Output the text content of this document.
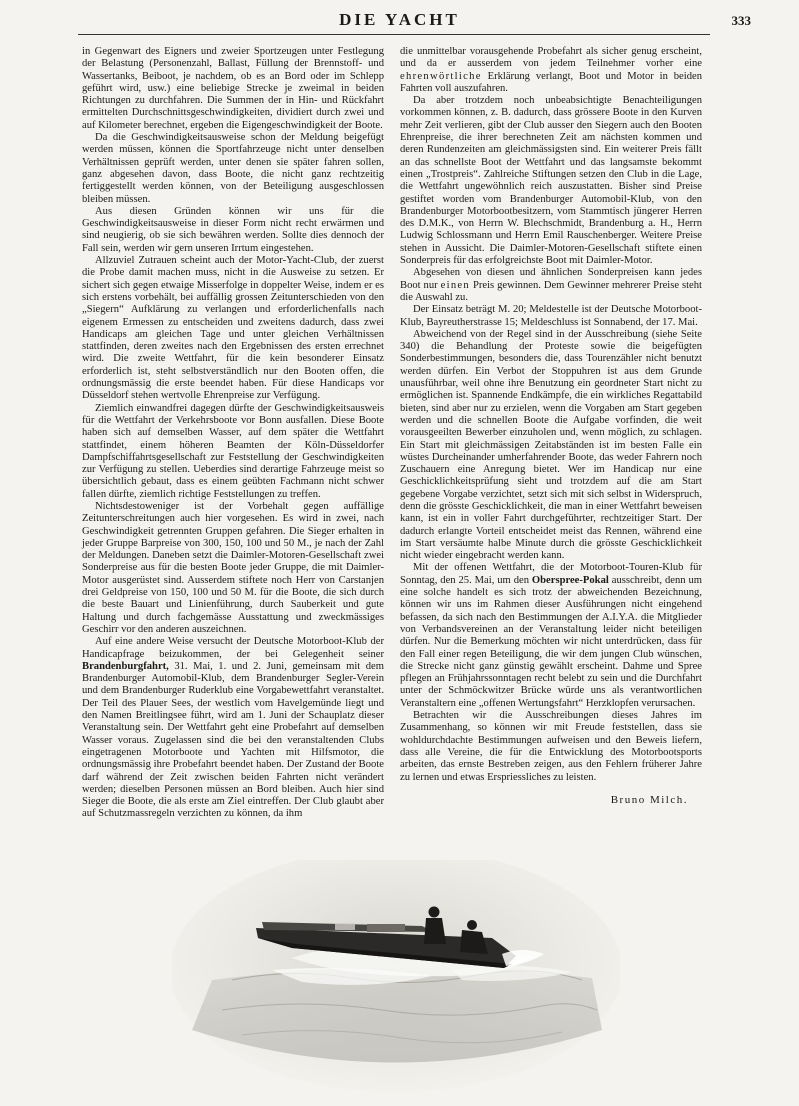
DIE YACHT	333

in Gegenwart des Eigners und zweier Sportzeugen unter Festlegung der Belastung (Personenzahl, Ballast, Füllung der Brennstoff- und Wassertanks, Beiboot, je nachdem, ob es an Bord oder im Schlepp geführt wird, usw.) eine beliebige Strecke je zweimal in beiden Richtungen zu durchfahren. Die Summen der in Hin- und Rückfahrt ermittelten Durchschnittsgeschwindigkeiten, dividiert durch zwei und auf Kilometer berechnet, ergeben die Eigengeschwindigkeit der Boote.

Da die Geschwindigkeitsausweise schon der Meldung beigefügt werden müssen, können die Sportfahrzeuge nicht unter denselben Verhältnissen geprüft werden, unter denen sie später fahren sollen, ganz abgesehen davon, dass Boote, die nicht ganz rechtzeitig fertiggestellt werden können, von der Beteiligung ausgeschlossen bleiben müssen.

Aus diesen Gründen können wir uns für die Geschwindigkeitsausweise in dieser Form nicht recht erwärmen und sind neugierig, ob sie sich bewähren werden. Sollte dies dennoch der Fall sein, werden wir gern unseren Irrtum eingestehen.

Allzuviel Zutrauen scheint auch der Motor-Yacht-Club, der zuerst die Probe damit machen muss, nicht in die Ausweise zu setzen. Er sichert sich gegen etwaige Misserfolge in doppelter Weise, indem er es sich erstens vorbehält, bei auffällig grossen Zeitunterschieden von den „Siegern“ Aufklärung zu verlangen und erforderlichenfalls nach eigenem Ermessen zu entscheiden und zweitens dadurch, dass zwei Handicaps am gleichen Tage und unter gleichen Verhältnissen stattfinden, deren zweites nach den Ergebnissen des ersten errechnet wird. Die zweite Wettfahrt, für die kein besonderer Einsatz erforderlich ist, steht selbstverständlich nur den Booten offen, die ordnungsmässig die erste beendet haben. Für diese Handicaps vor Düsseldorf stehen wertvolle Ehrenpreise zur Verfügung.

Ziemlich einwandfrei dagegen dürfte der Geschwindigkeitsausweis für die Wettfahrt der Verkehrsboote vor Bonn ausfallen. Diese Boote haben sich auf demselben Wasser, auf dem später die Wettfahrt stattfindet, einem höheren Beamten der Köln-Düsseldorfer Dampfschiffahrtsgesellschaft zur Feststellung der Geschwindigkeiten zur Verfügung zu stellen. Ueberdies sind derartige Fahrzeuge meist so übersichtlich gebaut, dass es einem geübten Fachmann nicht schwer fallen dürfte, ziemlich richtige Feststellungen zu treffen.

Nichtsdestoweniger ist der Vorbehalt gegen auffällige Zeitunterschreitungen auch hier vorgesehen. Es wird in zwei, nach Geschwindigkeit getrennten Gruppen gefahren. Die Sieger erhalten in jeder Gruppe Barpreise von 300, 150, 100 und 50 M., je nach der Zahl der Meldungen. Daneben setzt die Daimler-Motoren-Gesellschaft zwei Sonderpreise aus für die besten Boote jeder Gruppe, die mit Daimler-Motor ausgerüstet sind. Ausserdem stiftete noch Herr von Carstanjen drei Geldpreise von 150, 100 und 50 M. für die Boote, die sich durch die beste Bauart und Linienführung, durch Sauberkeit und gute Haltung und durch fachgemässe Ausstattung und zweckmässiges Geschirr vor den anderen auszeichnen.

Auf eine andere Weise versucht der Deutsche Motorboot-Klub der Handicapfrage beizukommen, der bei Gelegenheit seiner Brandenburgfahrt, 31. Mai, 1. und 2. Juni, gemeinsam mit dem Brandenburger Automobil-Klub, dem Brandenburger Segler-Verein und dem Brandenburger Ruderklub eine Vorgabewettfahrt veranstaltet. Der Teil des Plauer Sees, der westlich vom Havelgemünde liegt und den Namen Breitlingsee führt, wird am 1. Juni der Schauplatz dieser Veranstaltung sein. Der Wettfahrt geht eine Probefahrt auf demselben Wasser voraus. Zugelassen sind die bei den veranstaltenden Clubs eingetragenen Motorboote und Yachten mit Hilfsmotor, die ordnungsmässig ihre Probefahrt beendet haben. Der Zustand der Boote darf während der Zeit zwischen beiden Fahrten nicht verändert werden; dieselben Personen müssen an Bord bleiben. Auch hier sind Sieger die Boote, die als erste am Ziel eintreffen. Der Club glaubt aber auf Schutzmassregeln verzichten zu können, da ihm

die unmittelbar vorausgehende Probefahrt als sicher genug erscheint, und da er ausserdem von jedem Teilnehmer vorher eine ehrenwörtliche Erklärung verlangt, Boot und Motor in beiden Fahrten voll auszufahren.

Da aber trotzdem noch unbeabsichtigte Benachteiligungen vorkommen können, z. B. dadurch, dass grössere Boote in den Kurven mehr Zeit verlieren, gibt der Club ausser den Siegern auch den Booten Ehrenpreise, die ihrer berechneten Zeit am nächsten kommen und deren Rundenzeiten am gleichmässigsten sind. Ein weiterer Preis fällt an das schnellste Boot der Wettfahrt und das langsamste bekommt einen „Trostpreis“. Zahlreiche Stiftungen setzen den Club in die Lage, die Wettfahrt ungewöhnlich reich auszustatten. Bisher sind Preise gestiftet worden vom Brandenburger Automobil-Klub, von den Brandenburger Motorbootbesitzern, vom Stammtisch jüngerer Herren des D.M.K., von Herrn W. Blechschmidt, Brandenburg a. H., Herrn Ludwig Schlossmann und Herrn Emil Rauschenberger. Weitere Preise stehen in Aussicht. Die Daimler-Motoren-Gesellschaft stiftete einen Sonderpreis für das erfolgreichste Boot mit Daimler-Motor.

Abgesehen von diesen und ähnlichen Sonderpreisen kann jedes Boot nur einen Preis gewinnen. Dem Gewinner mehrerer Preise steht die Auswahl zu.

Der Einsatz beträgt M. 20; Meldestelle ist der Deutsche Motorboot-Klub, Bayreutherstrasse 15; Meldeschluss ist Sonnabend, der 17. Mai.

Abweichend von der Regel sind in der Ausschreibung (siehe Seite 340) die Behandlung der Proteste sowie die beigefügten Sonderbestimmungen, besonders die, dass Tourenzähler nicht benutzt werden dürfen. Ein Verbot der Stoppuhren ist aus dem Grunde unausführbar, weil ohne ihre Benutzung ein geordneter Start nicht zu ermöglichen ist. Spannende Endkämpfe, die ein wirkliches Regattabild bieten, sind aber nur zu erzielen, wenn die Vorgaben am Start gegeben werden und die schnellen Boote die Aufgabe vorfinden, die weit vorausgeeilten Bewerber einzuholen und, wenn möglich, zu schlagen. Ein Start mit gleichmässigen Zeitabständen ist im besten Falle ein wüstes Durcheinander umherfahrender Boote, das weder Fahrern noch Zuschauern eine Anregung bietet. Wer im Handicap nur eine Geschicklichkeitsprüfung sieht und trotzdem auf die am Start gegebene Vorgabe verzichtet, setzt sich mit sich selbst in Widerspruch, denn die grösste Geschicklichkeit, die man in einer Wettfahrt beweisen kann, ist ein in voller Fahrt durchgeführter, rechtzeitiger Start. Der dadurch erlangte Vorteil entscheidet meist das Rennen, während eine im Start versäumte halbe Minute durch die grösste Geschicklichkeit nicht wieder eingebracht werden kann.

Mit der offenen Wettfahrt, die der Motorboot-Touren-Klub für Sonntag, den 25. Mai, um den Oberspree-Pokal ausschreibt, denn um eine solche handelt es sich trotz der abweichenden Bezeichnung, können wir uns im Rahmen dieser Ausführungen nicht eingehend befassen, da sich nach den Bestimmungen der A.I.Y.A. die Mitglieder von Verbandsvereinen an der Veranstaltung leider nicht beteiligen dürfen. Nur die Bemerkung möchten wir nicht unterdrücken, dass für den Fall einer regen Beteiligung, die wir dem jungen Club wünschen, die Strecke nicht ganz günstig gewählt erscheint. Dahme und Spree pflegen an Frühjahrssonntagen recht belebt zu sein und die Durchfahrt unter der Schmöckwitzer Brücke würde uns als verantwortlichen Veranstaltern eine „offenen Wertungsfahrt“ Herzklopfen verursachen.

Betrachten wir die Ausschreibungen dieses Jahres im Zusammenhang, so können wir mit Freude feststellen, dass sie wohldurchdachte Bestimmungen aufweisen und den Beweis liefern, dass alle Vereine, die für die Entwicklung des Motorbootsports arbeiten, das ernste Bestreben zeigen, aus den Fehlern früherer Jahre zu lernen und etwas Erspriessliches zu leisten.

Bruno Milch.
